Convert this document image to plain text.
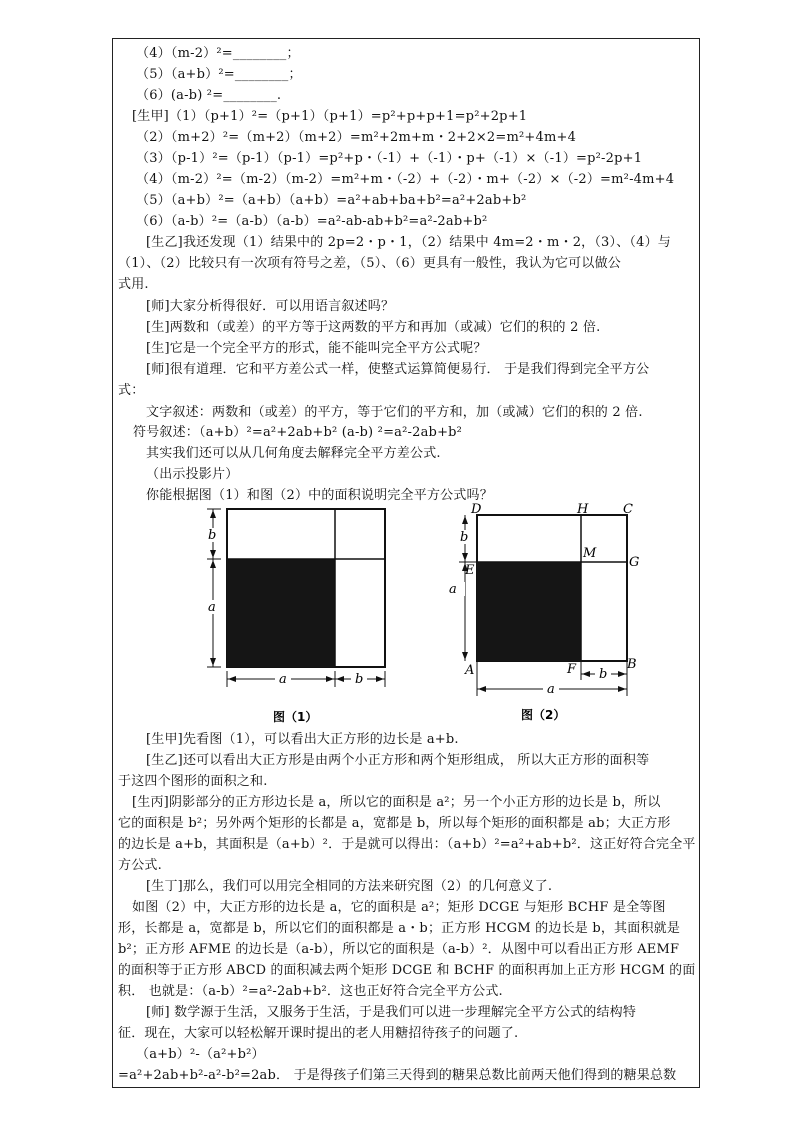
（4）（m-2）²=________；
（5）（a+b）²=________；
（6）(a-b) ²=________.
[生甲]（1）（p+1）²=（p+1）（p+1）=p²+p+p+1=p²+2p+1
（2）（m+2）²=（m+2）（m+2）=m²+2m+m・2+2×2=m²+4m+4
（3）（p-1）²=（p-1）（p-1）=p²+p・（-1）+（-1）・p+（-1）×（-1）=p²-2p+1
（4）（m-2）²=（m-2）（m-2）=m²+m・（-2）+（-2）・m+（-2）×（-2）=m²-4m+4
（5）（a+b）²=（a+b）（a+b）=a²+ab+ba+b²=a²+2ab+b²
（6）（a-b）²=（a-b）（a-b）=a²-ab-ab+b²=a²-2ab+b²
[生乙]我还发现（1）结果中的 2p=2・p・1，（2）结果中 4m=2・m・2，（3）、（4）与
（1）、（2）比较只有一次项有符号之差，（5）、（6）更具有一般性，我认为它可以做公
式用.
[师]大家分析得很好．可以用语言叙述吗？
[生]两数和（或差）的平方等于这两数的平方和再加（或减）它们的积的 2 倍.
[生]它是一个完全平方的形式，能不能叫完全平方公式呢？
[师]很有道理．它和平方差公式一样，使整式运算简便易行． 于是我们得到完全平方公
式：
文字叙述：两数和（或差）的平方，等于它们的平方和，加（或减）它们的积的 2 倍.
符号叙述：（a+b）²=a²+2ab+b² (a-b) ²=a²-2ab+b²
其实我们还可以从几何角度去解释完全平方差公式.
（出示投影片）
你能根据图（1）和图（2）中的面积说明完全平方公式吗？
b
a
a	b
图（1）
b
a
b
a
D	H	C
M
G
E
A	F	B
图（2）
[生甲]先看图（1），可以看出大正方形的边长是 a+b.
[生乙]还可以看出大正方形是由两个小正方形和两个矩形组成， 所以大正方形的面积等
于这四个图形的面积之和.
[生丙]阴影部分的正方形边长是 a，所以它的面积是 a²；另一个小正方形的边长是 b，所以
它的面积是 b²；另外两个矩形的长都是 a，宽都是 b，所以每个矩形的面积都是 ab；大正方形
的边长是 a+b，其面积是（a+b）²．于是就可以得出：（a+b）²=a²+ab+b²．这正好符合完全平
方公式.
[生丁]那么，我们可以用完全相同的方法来研究图（2）的几何意义了.
如图（2）中，大正方形的边长是 a，它的面积是 a²；矩形 DCGE 与矩形 BCHF 是全等图
形，长都是 a，宽都是 b，所以它们的面积都是 a・b；正方形 HCGM 的边长是 b，其面积就是
b²；正方形 AFME 的边长是（a-b），所以它的面积是（a-b）²．从图中可以看出正方形 AEMF
的面积等于正方形 ABCD 的面积减去两个矩形 DCGE 和 BCHF 的面积再加上正方形 HCGM 的面
积． 也就是：（a-b）²=a²-2ab+b²．这也正好符合完全平方公式.
[师] 数学源于生活，又服务于生活，于是我们可以进一步理解完全平方公式的结构特
征．现在，大家可以轻松解开课时提出的老人用糖招待孩子的问题了.
（a+b）²-（a²+b²）
=a²+2ab+b²-a²-b²=2ab． 于是得孩子们第三天得到的糖果总数比前两天他们得到的糖果总数
